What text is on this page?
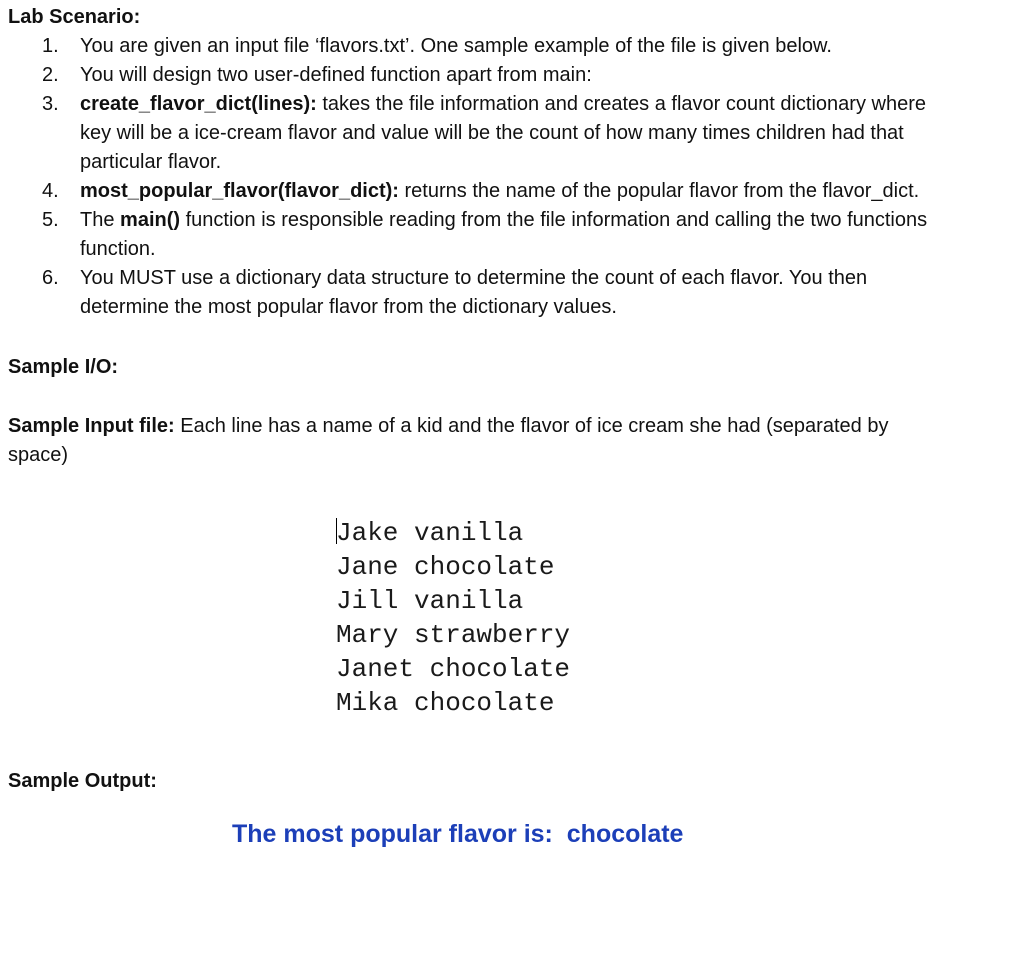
Lab Scenario:

1. You are given an input file ‘flavors.txt’. One sample example of the file is given below.
2. You will design two user-defined function apart from main:
3. create_flavor_dict(lines): takes the file information and creates a flavor count dictionary where key will be a ice-cream flavor and value will be the count of how many times children had that particular flavor.
4. most_popular_flavor(flavor_dict): returns the name of the popular flavor from the flavor_dict.
5. The main() function is responsible reading from the file information and calling the two functions function.
6. You MUST use a dictionary data structure to determine the count of each flavor. You then determine the most popular flavor from the dictionary values.

Sample I/O:

Sample Input file: Each line has a name of a kid and the flavor of ice cream she had (separated by space)

Sample Output:

Jake vanilla
Jane chocolate
Jill vanilla
Mary strawberry
Janet chocolate
Mika chocolate
The most popular flavor is:  chocolate
